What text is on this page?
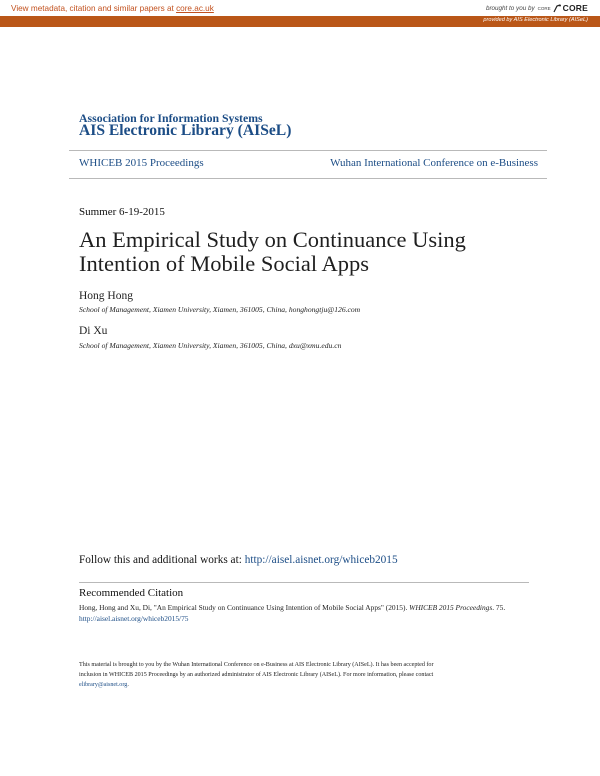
View metadata, citation and similar papers at core.ac.uk	brought to you by CORE CORE
provided by AIS Electronic Library (AISeL)
Association for Information Systems
AIS Electronic Library (AISeL)
WHICEB 2015 Proceedings	Wuhan International Conference on e-Business
Summer 6-19-2015
An Empirical Study on Continuance Using
Intention of Mobile Social Apps
Hong Hong
School of Management, Xiamen University, Xiamen, 361005, China, honghongtju@126.com
Di Xu
School of Management, Xiamen University, Xiamen, 361005, China, dxu@xmu.edu.cn
Follow this and additional works at: http://aisel.aisnet.org/whiceb2015
Recommended Citation
Hong, Hong and Xu, Di, "An Empirical Study on Continuance Using Intention of Mobile Social Apps" (2015). WHICEB 2015 Proceedings. 75.
http://aisel.aisnet.org/whiceb2015/75
This material is brought to you by the Wuhan International Conference on e-Business at AIS Electronic Library (AISeL). It has been accepted for
inclusion in WHICEB 2015 Proceedings by an authorized administrator of AIS Electronic Library (AISeL). For more information, please contact
elibrary@aisnet.org.
